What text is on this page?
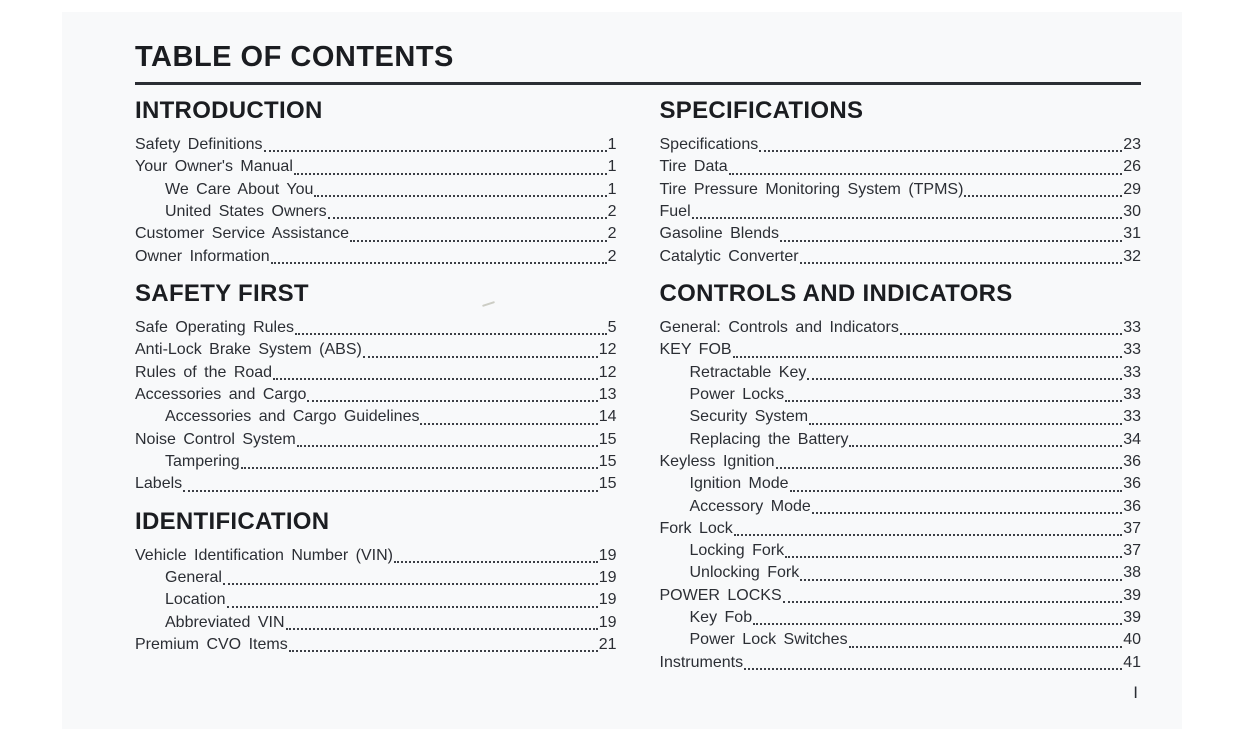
TABLE OF CONTENTS
INTRODUCTION
Safety Definitions	1
Your Owner's Manual	1
We Care About You	1
United States Owners	2
Customer Service Assistance	2
Owner Information	2
SAFETY FIRST
Safe Operating Rules	5
Anti-Lock Brake System (ABS)	12
Rules of the Road	12
Accessories and Cargo	13
Accessories and Cargo Guidelines	14
Noise Control System	15
Tampering	15
Labels	15
IDENTIFICATION
Vehicle Identification Number (VIN)	19
General	19
Location	19
Abbreviated VIN	19
Premium CVO Items	21
SPECIFICATIONS
Specifications	23
Tire Data	26
Tire Pressure Monitoring System (TPMS)	29
Fuel	30
Gasoline Blends	31
Catalytic Converter	32
CONTROLS AND INDICATORS
General: Controls and Indicators	33
KEY FOB	33
Retractable Key	33
Power Locks	33
Security System	33
Replacing the Battery	34
Keyless Ignition	36
Ignition Mode	36
Accessory Mode	36
Fork Lock	37
Locking Fork	37
Unlocking Fork	38
POWER LOCKS	39
Key Fob	39
Power Lock Switches	40
Instruments	41
I
